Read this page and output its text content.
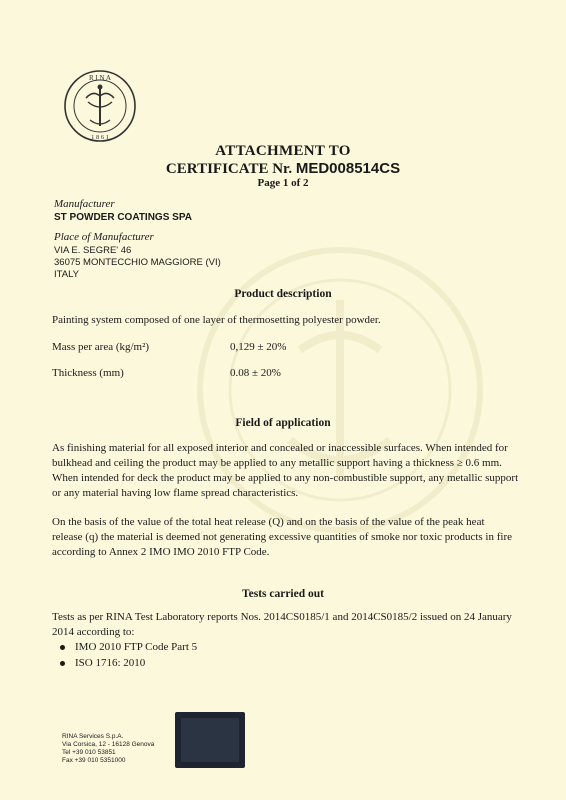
R I N A
1 8 6 1
ATTACHMENT TO
CERTIFICATE Nr. MED008514CS
Page 1 of 2
Manufacturer
ST POWDER COATINGS SPA
Place of Manufacturer
VIA E. SEGRE' 46
36075 MONTECCHIO MAGGIORE (VI)
ITALY
Product description
Painting system composed of one layer of thermosetting polyester powder.
Mass per area (kg/m²)	0,129 ± 20%
Thickness (mm)	0.08 ± 20%
Field of application
As finishing material for all exposed interior and concealed or inaccessible surfaces. When intended for
bulkhead and ceiling the product may be applied to any metallic support having a thickness ≥ 0.6 mm.
When intended for deck the product may be applied to any non-combustible support, any metallic support
or any material having low flame spread characteristics.
On the basis of the value of the total heat release (Q) and on the basis of the value of the peak heat
release (q) the material is deemed not generating excessive quantities of smoke nor toxic products in fire
according to Annex 2 IMO IMO 2010 FTP Code.
Tests carried out
Tests as per RINA Test Laboratory reports Nos. 2014CS0185/1 and 2014CS0185/2 issued on 24 January
2014 according to:
IMO 2010 FTP Code Part 5
ISO 1716: 2010
RINA Services S.p.A.
Via Corsica, 12 - 16128 Genova
Tel +39 010 53851
Fax +39 010 5351000
